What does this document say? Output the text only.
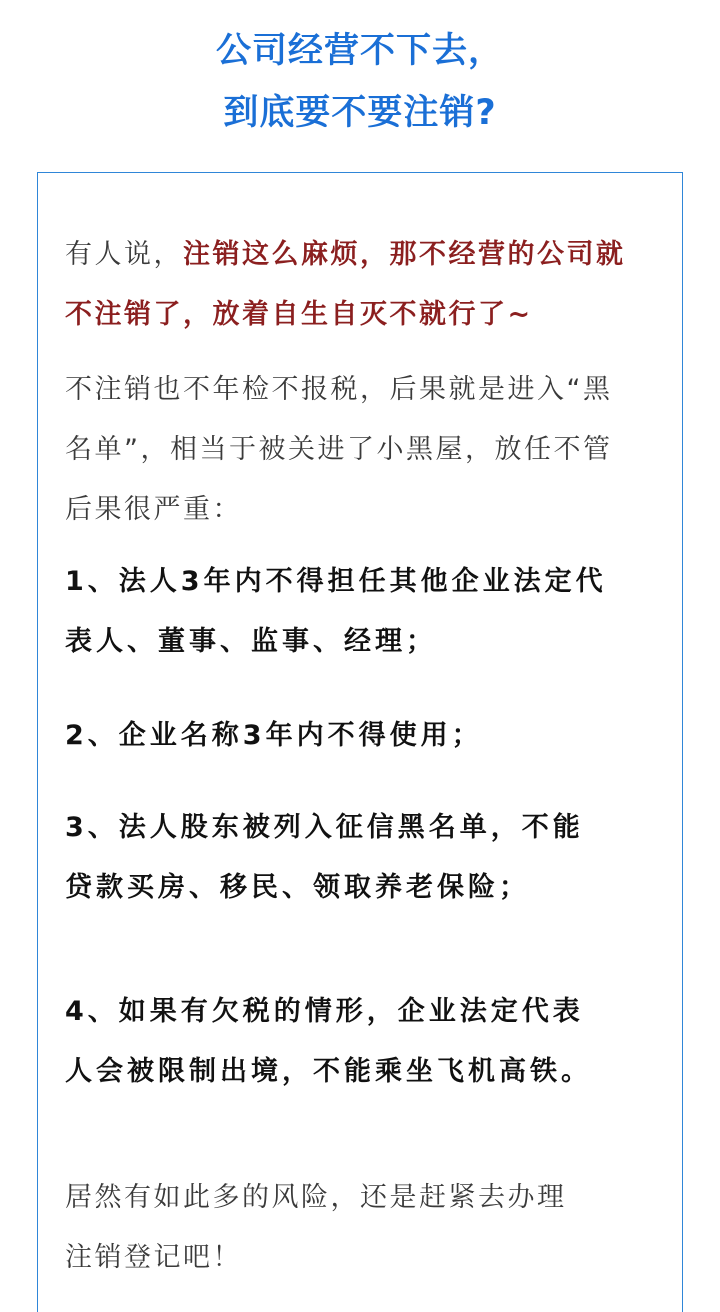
公司经营不下去，
到底要不要注销?
有人说，注销这么麻烦，那不经营的公司就
不注销了，放着自生自灭不就行了~
不注销也不年检不报税，后果就是进入“黑
名单”，相当于被关进了小黑屋，放任不管
后果很严重：
1、法人3年内不得担任其他企业法定代
表人、董事、监事、经理；
2、企业名称3年内不得使用；
3、法人股东被列入征信黑名单，不能
贷款买房、移民、领取养老保险；
4、如果有欠税的情形，企业法定代表
人会被限制出境，不能乘坐飞机高铁。
居然有如此多的风险，还是赶紧去办理
注销登记吧！
